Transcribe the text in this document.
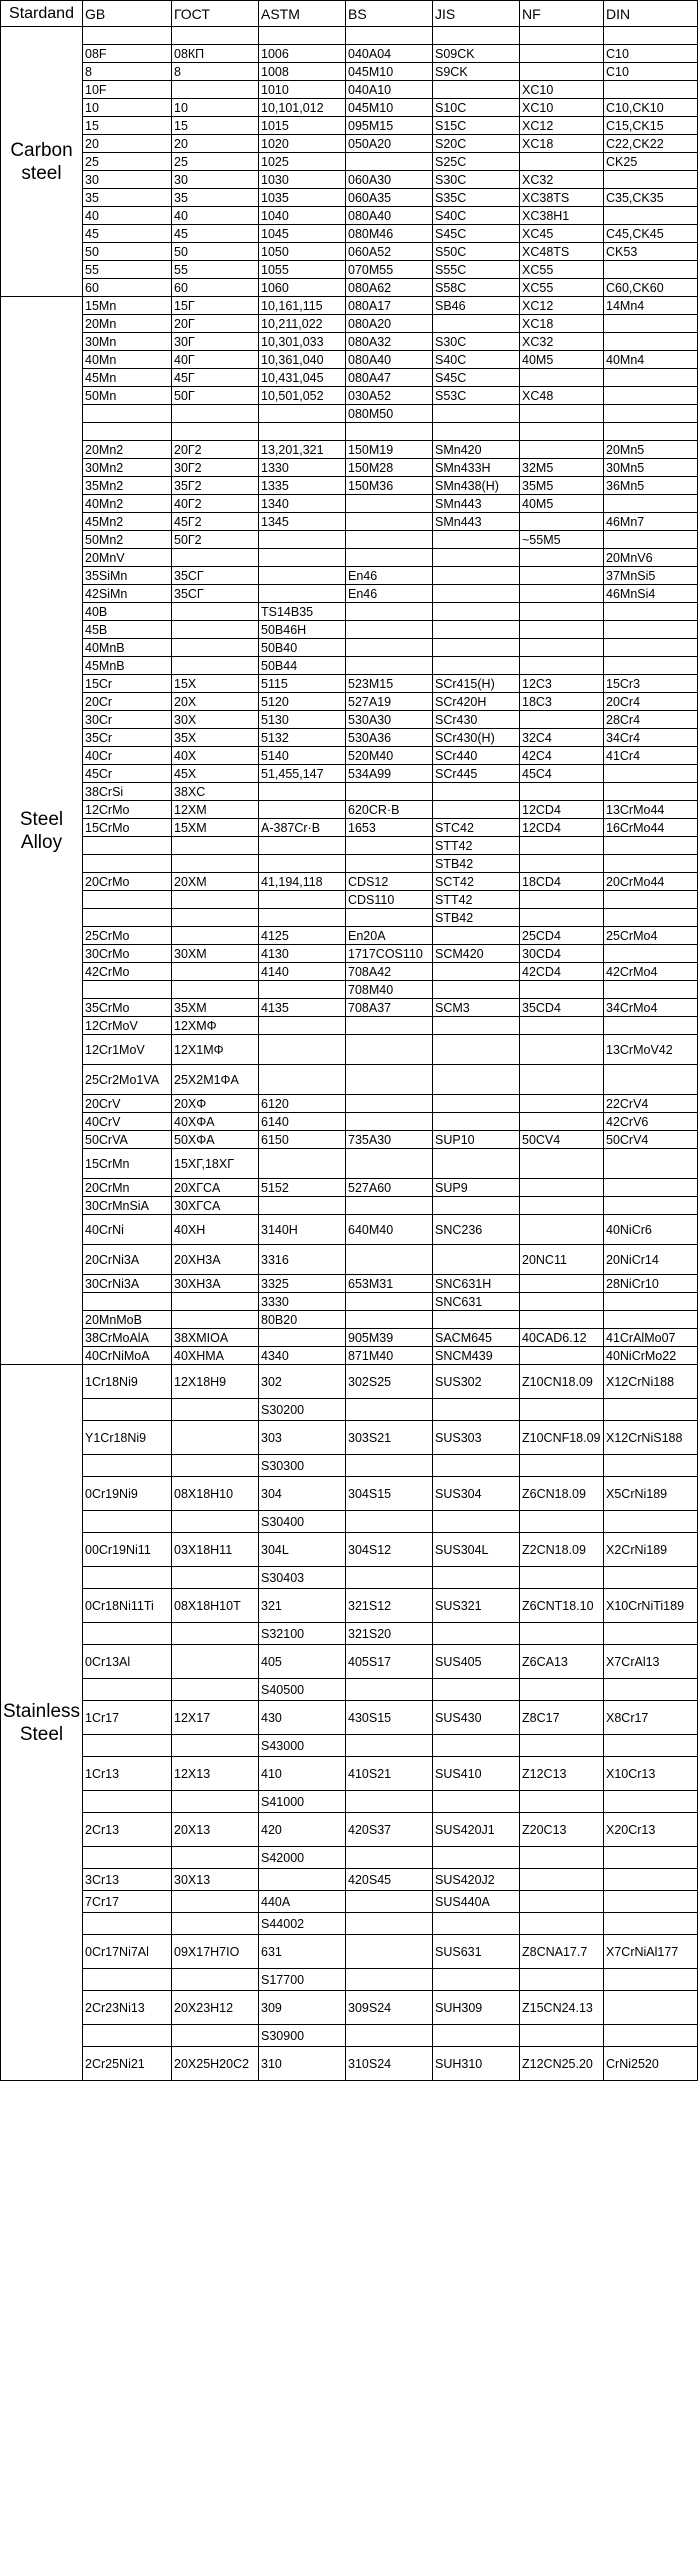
Stardand	GB	ГОСТ	ASTM	BS	JIS	NF	DIN
Carbon steel							
	08F	08КП	1006	040A04	S09CK		C10
	8	8	1008	045M10	S9CK		C10
	10F		1010	040A10		XC10	
	10	10	10,101,012	045M10	S10C	XC10	C10,CK10
	15	15	1015	095M15	S15C	XC12	C15,CK15
	20	20	1020	050A20	S20C	XC18	C22,CK22
	25	25	1025		S25C		CK25
	30	30	1030	060A30	S30C	XC32	
	35	35	1035	060A35	S35C	XC38TS	C35,CK35
	40	40	1040	080A40	S40C	XC38H1	
	45	45	1045	080M46	S45C	XC45	C45,CK45
	50	50	1050	060A52	S50C	XC48TS	CK53
	55	55	1055	070M55	S55C	XC55	
	60	60	1060	080A62	S58C	XC55	C60,CK60
Steel Alloy	15Mn	15Г	10,161,115	080A17	SB46	XC12	14Mn4
	20Mn	20Г	10,211,022	080A20		XC18	
	30Mn	30Г	10,301,033	080A32	S30C	XC32	
	40Mn	40Г	10,361,040	080A40	S40C	40M5	40Mn4
	45Mn	45Г	10,431,045	080A47	S45C		
	50Mn	50Г	10,501,052	030A52	S53C	XC48	
				080M50			

	20Mn2	20Г2	13,201,321	150M19	SMn420		20Mn5
	30Mn2	30Г2	1330	150M28	SMn433H	32M5	30Mn5
	35Mn2	35Г2	1335	150M36	SMn438(H)	35M5	36Mn5
	40Mn2	40Г2	1340		SMn443	40M5	
	45Mn2	45Г2	1345		SMn443		46Mn7
	50Mn2	50Г2				~55M5	
	20MnV						20MnV6
	35SiMn	35СГ		En46			37MnSi5
	42SiMn	35СГ		En46			46MnSi4
	40B		TS14B35				
	45B		50B46H				
	40MnB		50B40				
	45MnB		50B44				
	15Cr	15X	5115	523M15	SCr415(H)	12C3	15Cr3
	20Cr	20X	5120	527A19	SCr420H	18C3	20Cr4
	30Cr	30X	5130	530A30	SCr430		28Cr4
	35Cr	35X	5132	530A36	SCr430(H)	32C4	34Cr4
	40Cr	40X	5140	520M40	SCr440	42C4	41Cr4
	45Cr	45X	51,455,147	534A99	SCr445	45C4	
	38CrSi	38XC					
	12CrMo	12XM		620CR·B		12CD4	13CrMo44
	15CrMo	15XM	A-387Cr·B	1653	STC42	12CD4	16CrMo44
					STT42		
					STB42		
	20CrMo	20XM	41,194,118	CDS12	SCT42	18CD4	20CrMo44
				CDS110	STT42		
					STB42		
	25CrMo		4125	En20A		25CD4	25CrMo4
	30CrMo	30XM	4130	1717COS110	SCM420	30CD4	
	42CrMo		4140	708A42		42CD4	42CrMo4
				708M40			
	35CrMo	35XM	4135	708A37	SCM3	35CD4	34CrMo4
	12CrMoV	12XMΦ					
	12Cr1MoV	12X1MΦ					13CrMoV42
	25Cr2Mo1VA	25X2M1ΦA					
	20CrV	20XΦ	6120				22CrV4
	40CrV	40XΦA	6140				42CrV6
	50CrVA	50XΦA	6150	735A30	SUP10	50CV4	50CrV4
	15CrMn	15XГ,18XГ					
	20CrMn	20XГCA	5152	527A60	SUP9		
	30CrMnSiA	30XГCA					
	40CrNi	40XH	3140H	640M40	SNC236		40NiCr6
	20CrNi3A	20XH3A	3316			20NC11	20NiCr14
	30CrNi3A	30XH3A	3325	653M31	SNC631H		28NiCr10
			3330		SNC631		
	20MnMoB		80B20				
	38CrMoAlA	38XMIOA		905M39	SACM645	40CAD6.12	41CrAlMo07
	40CrNiMoA	40XHMA	4340	871M40	SNCM439		40NiCrMo22
Stainless Steel	1Cr18Ni9	12X18H9	302	302S25	SUS302	Z10CN18.09	X12CrNi188
			S30200				
	Y1Cr18Ni9		303	303S21	SUS303	Z10CNF18.09	X12CrNiS188
			S30300				
	0Cr19Ni9	08X18H10	304	304S15	SUS304	Z6CN18.09	X5CrNi189
			S30400				
	00Cr19Ni11	03X18H11	304L	304S12	SUS304L	Z2CN18.09	X2CrNi189
			S30403				
	0Cr18Ni11Ti	08X18H10T	321	321S12	SUS321	Z6CNT18.10	X10CrNiTi189
			S32100	321S20			
	0Cr13Al		405	405S17	SUS405	Z6CA13	X7CrAl13
			S40500				
	1Cr17	12X17	430	430S15	SUS430	Z8C17	X8Cr17
			S43000				
	1Cr13	12X13	410	410S21	SUS410	Z12C13	X10Cr13
			S41000				
	2Cr13	20X13	420	420S37	SUS420J1	Z20C13	X20Cr13
			S42000				
	3Cr13	30X13		420S45	SUS420J2		
	7Cr17		440A		SUS440A		
			S44002				
	0Cr17Ni7Al	09X17H7IO	631		SUS631	Z8CNA17.7	X7CrNiAl177
			S17700				
	2Cr23Ni13	20X23H12	309	309S24	SUH309	Z15CN24.13	
			S30900				
	2Cr25Ni21	20X25H20C2	310	310S24	SUH310	Z12CN25.20	CrNi2520
